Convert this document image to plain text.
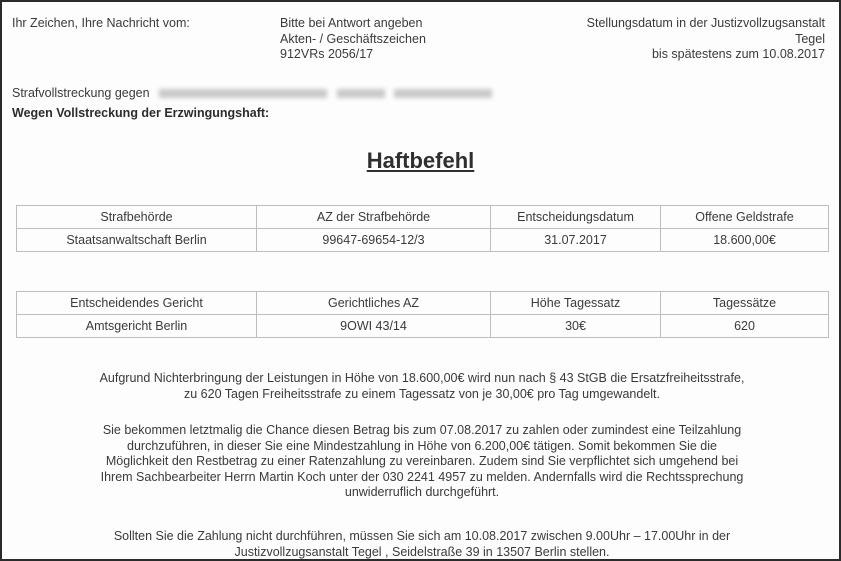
Ihr Zeichen, Ihre Nachricht vom:	Bitte bei Antwort angeben
Akten- / Geschäftszeichen
912VRs 2056/17
Stellungsdatum in der Justizvollzugsanstalt
Tegel
bis spätestens zum 10.08.2017
Strafvollstreckung gegen
Wegen Vollstreckung der Erzwingungshaft:
Haftbefehl
Strafbehörde	AZ der Strafbehörde	Entscheidungsdatum	Offene Geldstrafe
Staatsanwaltschaft Berlin	99647-69654-12/3	31.07.2017	18.600,00€
Entscheidendes Gericht	Gerichtliches AZ	Höhe Tagessatz	Tagessätze
Amtsgericht Berlin	9OWI 43/14	30€	620
Aufgrund Nichterbringung der Leistungen in Höhe von 18.600,00€ wird nun nach § 43 StGB die Ersatzfreiheitsstrafe,
zu 620 Tagen Freiheitsstrafe zu einem Tagessatz von je 30,00€ pro Tag umgewandelt.
Sie bekommen letztmalig die Chance diesen Betrag bis zum 07.08.2017 zu zahlen oder zumindest eine Teilzahlung
durchzuführen, in dieser Sie eine Mindestzahlung in Höhe von 6.200,00€ tätigen. Somit bekommen Sie die
Möglichkeit den Restbetrag zu einer Ratenzahlung zu vereinbaren. Zudem sind Sie verpflichtet sich umgehend bei
Ihrem Sachbearbeiter Herrn Martin Koch unter der 030 2241 4957 zu melden. Andernfalls wird die Rechtssprechung
unwiderruflich durchgeführt.
Sollten Sie die Zahlung nicht durchführen, müssen Sie sich am 10.08.2017 zwischen 9.00Uhr – 17.00Uhr in der
Justizvollzugsanstalt Tegel , Seidelstraße 39 in 13507 Berlin stellen.
